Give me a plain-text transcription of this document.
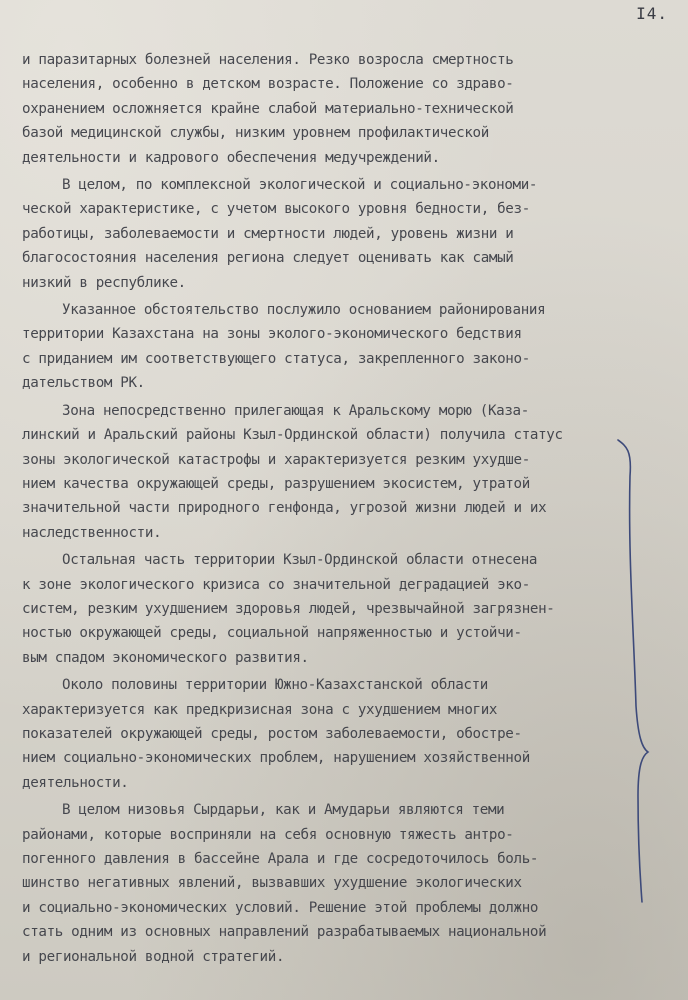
I4.
и паразитарных болезней населения. Резко возросла смертность
населения, особенно в детском возрасте. Положение со здраво-
охранением осложняется крайне слабой материально-технической
базой медицинской службы, низким уровнем профилактической
деятельности и кадрового обеспечения медучреждений.
В целом, по комплексной экологической и социально-экономи-
ческой характеристике, с учетом высокого уровня бедности, без-
работицы, заболеваемости и смертности людей, уровень жизни и
благосостояния населения региона следует оценивать как самый
низкий в республике.
Указанное обстоятельство послужило основанием районирования
территории Казахстана на зоны эколого-экономического бедствия
с приданием им соответствующего статуса, закрепленного законо-
дательством РК.
Зона непосредственно прилегающая к Аральскому морю (Каза-
линский и Аральский районы Кзыл-Ординской области) получила статус
зоны экологической катастрофы и характеризуется резким ухудше-
нием качества окружающей среды, разрушением экосистем, утратой
значительной части природного генфонда, угрозой жизни людей и их
наследственности.
Остальная часть территории Кзыл-Ординской области отнесена
к зоне экологического кризиса со значительной деградацией эко-
систем, резким ухудшением здоровья людей, чрезвычайной загрязнен-
ностью окружающей среды, социальной напряженностью и устойчи-
вым спадом экономического развития.
Около половины территории Южно-Казахстанской области
характеризуется как предкризисная зона с ухудшением многих
показателей окружающей среды, ростом заболеваемости, обостре-
нием социально-экономических проблем, нарушением хозяйственной
деятельности.
В целом низовья Сырдарьи, как и Амударьи являются теми
районами, которые восприняли на себя основную тяжесть антро-
погенного давления в бассейне Арала и где сосредоточилось боль-
шинство негативных явлений, вызвавших ухудшение экологических
и социально-экономических условий. Решение этой проблемы должно
стать одним из основных направлений разрабатываемых национальной
и региональной водной стратегий.
